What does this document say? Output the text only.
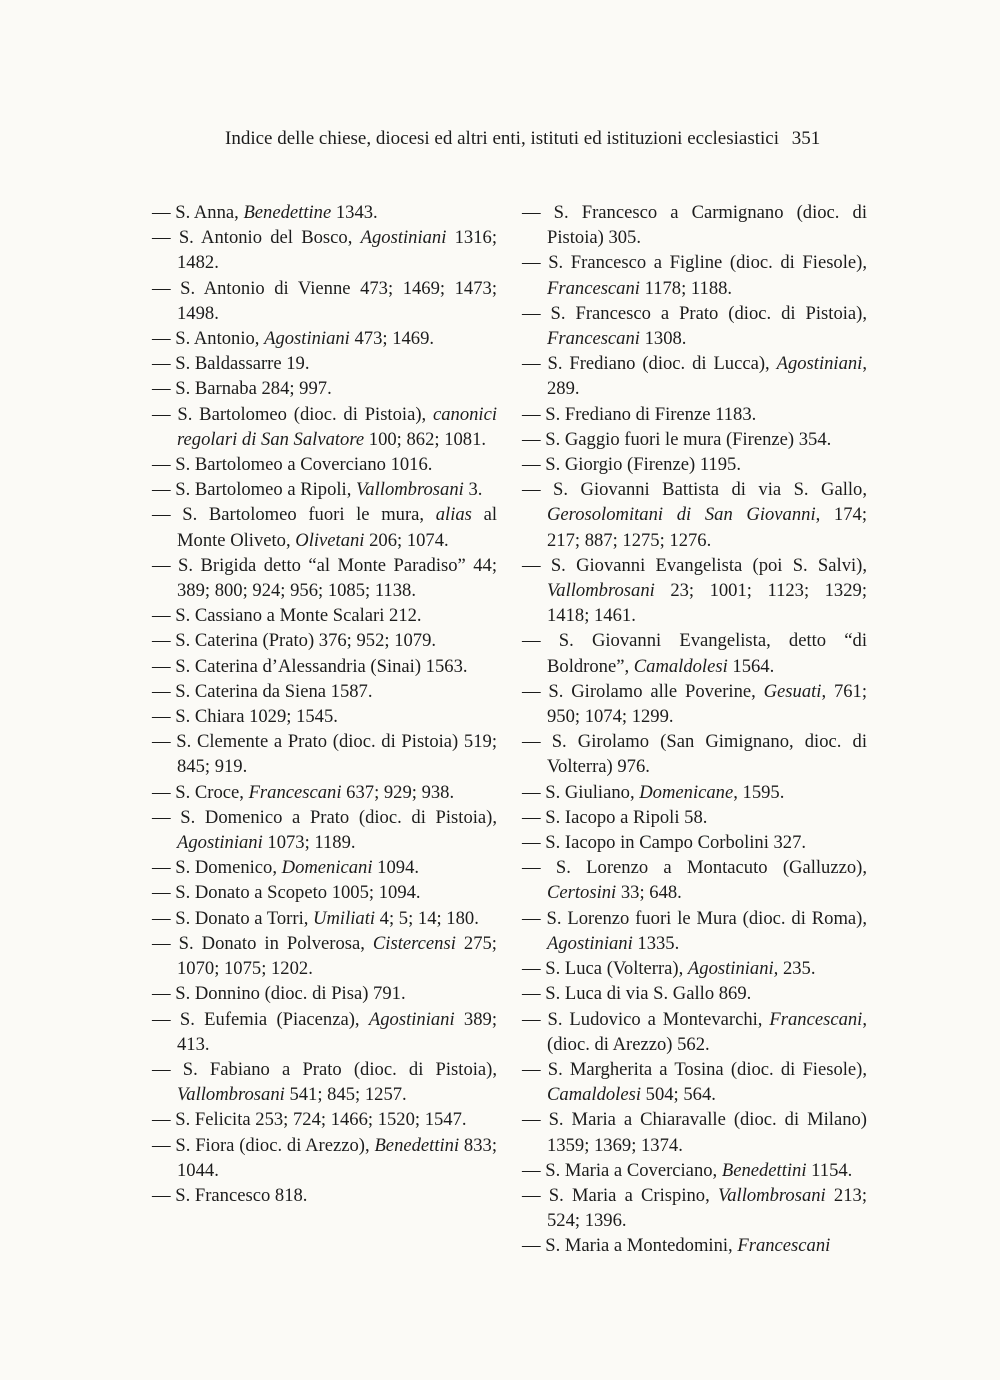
Indice delle chiese, diocesi ed altri enti, istituti ed istituzioni ecclesiastici 351
— S. Anna, Benedettine 1343.
— S. Antonio del Bosco, Agostiniani 1316; 1482.
— S. Antonio di Vienne 473; 1469; 1473; 1498.
— S. Antonio, Agostiniani 473; 1469.
— S. Baldassarre 19.
— S. Barnaba 284; 997.
— S. Bartolomeo (dioc. di Pistoia), canonici regolari di San Salvatore 100; 862; 1081.
— S. Bartolomeo a Coverciano 1016.
— S. Bartolomeo a Ripoli, Vallombrosani 3.
— S. Bartolomeo fuori le mura, alias al Monte Oliveto, Olivetani 206; 1074.
— S. Brigida detto “al Monte Paradiso” 44; 389; 800; 924; 956; 1085; 1138.
— S. Cassiano a Monte Scalari 212.
— S. Caterina (Prato) 376; 952; 1079.
— S. Caterina d’Alessandria (Sinai) 1563.
— S. Caterina da Siena 1587.
— S. Chiara 1029; 1545.
— S. Clemente a Prato (dioc. di Pistoia) 519; 845; 919.
— S. Croce, Francescani 637; 929; 938.
— S. Domenico a Prato (dioc. di Pistoia), Agostiniani 1073; 1189.
— S. Domenico, Domenicani 1094.
— S. Donato a Scopeto 1005; 1094.
— S. Donato a Torri, Umiliati 4; 5; 14; 180.
— S. Donato in Polverosa, Cistercensi 275; 1070; 1075; 1202.
— S. Donnino (dioc. di Pisa) 791.
— S. Eufemia (Piacenza), Agostiniani 389; 413.
— S. Fabiano a Prato (dioc. di Pistoia), Vallombrosani 541; 845; 1257.
— S. Felicita 253; 724; 1466; 1520; 1547.
— S. Fiora (dioc. di Arezzo), Benedettini 833; 1044.
— S. Francesco 818.
— S. Francesco a Carmignano (dioc. di Pistoia) 305.
— S. Francesco a Figline (dioc. di Fiesole), Francescani 1178; 1188.
— S. Francesco a Prato (dioc. di Pistoia), Francescani 1308.
— S. Frediano (dioc. di Lucca), Agostiniani, 289.
— S. Frediano di Firenze 1183.
— S. Gaggio fuori le mura (Firenze) 354.
— S. Giorgio (Firenze) 1195.
— S. Giovanni Battista di via S. Gallo, Gerosolomitani di San Giovanni, 174; 217; 887; 1275; 1276.
— S. Giovanni Evangelista (poi S. Salvi), Vallombrosani 23; 1001; 1123; 1329; 1418; 1461.
— S. Giovanni Evangelista, detto “di Boldrone”, Camaldolesi 1564.
— S. Girolamo alle Poverine, Gesuati, 761; 950; 1074; 1299.
— S. Girolamo (San Gimignano, dioc. di Volterra) 976.
— S. Giuliano, Domenicane, 1595.
— S. Iacopo a Ripoli 58.
— S. Iacopo in Campo Corbolini 327.
— S. Lorenzo a Montacuto (Galluzzo), Certosini 33; 648.
— S. Lorenzo fuori le Mura (dioc. di Roma), Agostiniani 1335.
— S. Luca (Volterra), Agostiniani, 235.
— S. Luca di via S. Gallo 869.
— S. Ludovico a Montevarchi, Francescani, (dioc. di Arezzo) 562.
— S. Margherita a Tosina (dioc. di Fiesole), Camaldolesi 504; 564.
— S. Maria a Chiaravalle (dioc. di Milano) 1359; 1369; 1374.
— S. Maria a Coverciano, Benedettini 1154.
— S. Maria a Crispino, Vallombrosani 213; 524; 1396.
— S. Maria a Montedomini, Francescani
